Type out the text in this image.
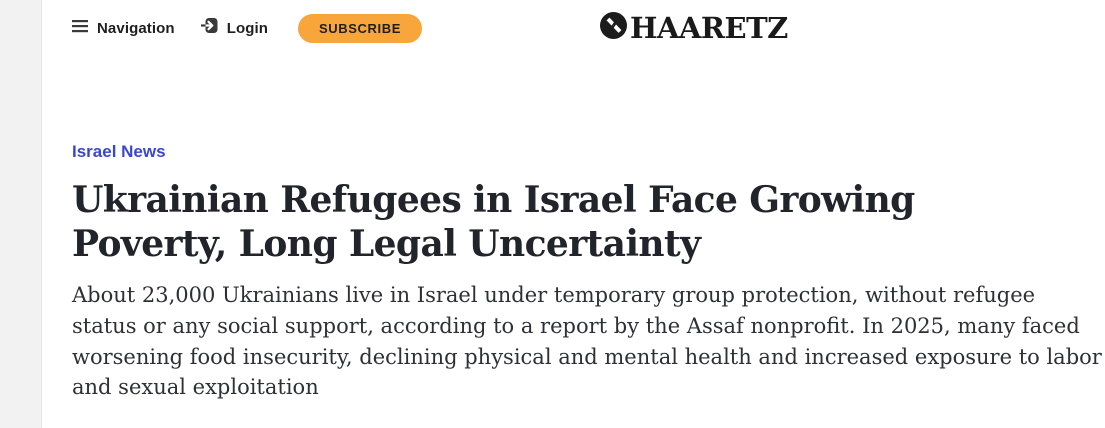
Navigation	Login	SUBSCRIBE	HAARETZ
Israel News
Ukrainian Refugees in Israel Face Growing Poverty, Long Legal Uncertainty

About 23,000 Ukrainians live in Israel under temporary group protection, without refugee status or any social support, according to a report by the Assaf nonprofit. In 2025, many faced worsening food insecurity, declining physical and mental health and increased exposure to labor and sexual exploitation
